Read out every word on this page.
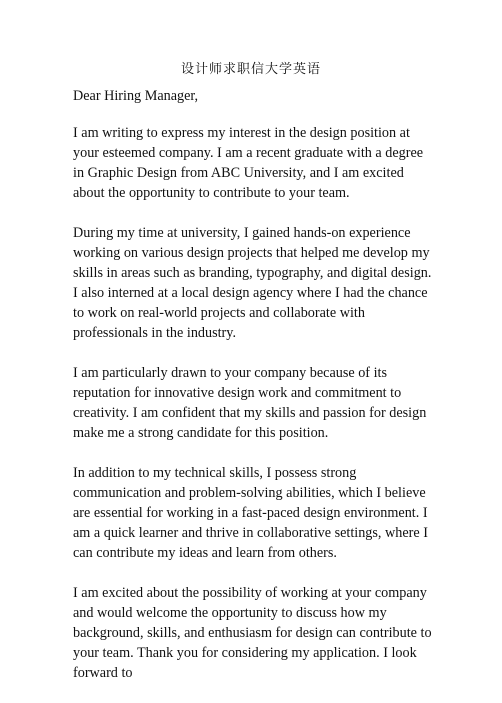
设计师求职信大学英语

Dear Hiring Manager,

I am writing to express my interest in the design position at your esteemed company. I am a recent graduate with a degree in Graphic Design from ABC University, and I am excited about the opportunity to contribute to your team.

During my time at university, I gained hands-on experience working on various design projects that helped me develop my skills in areas such as branding, typography, and digital design. I also interned at a local design agency where I had the chance to work on real-world projects and collaborate with professionals in the industry.

I am particularly drawn to your company because of its reputation for innovative design work and commitment to creativity. I am confident that my skills and passion for design make me a strong candidate for this position.

In addition to my technical skills, I possess strong communication and problem-solving abilities, which I believe are essential for working in a fast-paced design environment. I am a quick learner and thrive in collaborative settings, where I can contribute my ideas and learn from others.

I am excited about the possibility of working at your company and would welcome the opportunity to discuss how my background, skills, and enthusiasm for design can contribute to your team. Thank you for considering my application. I look forward to
